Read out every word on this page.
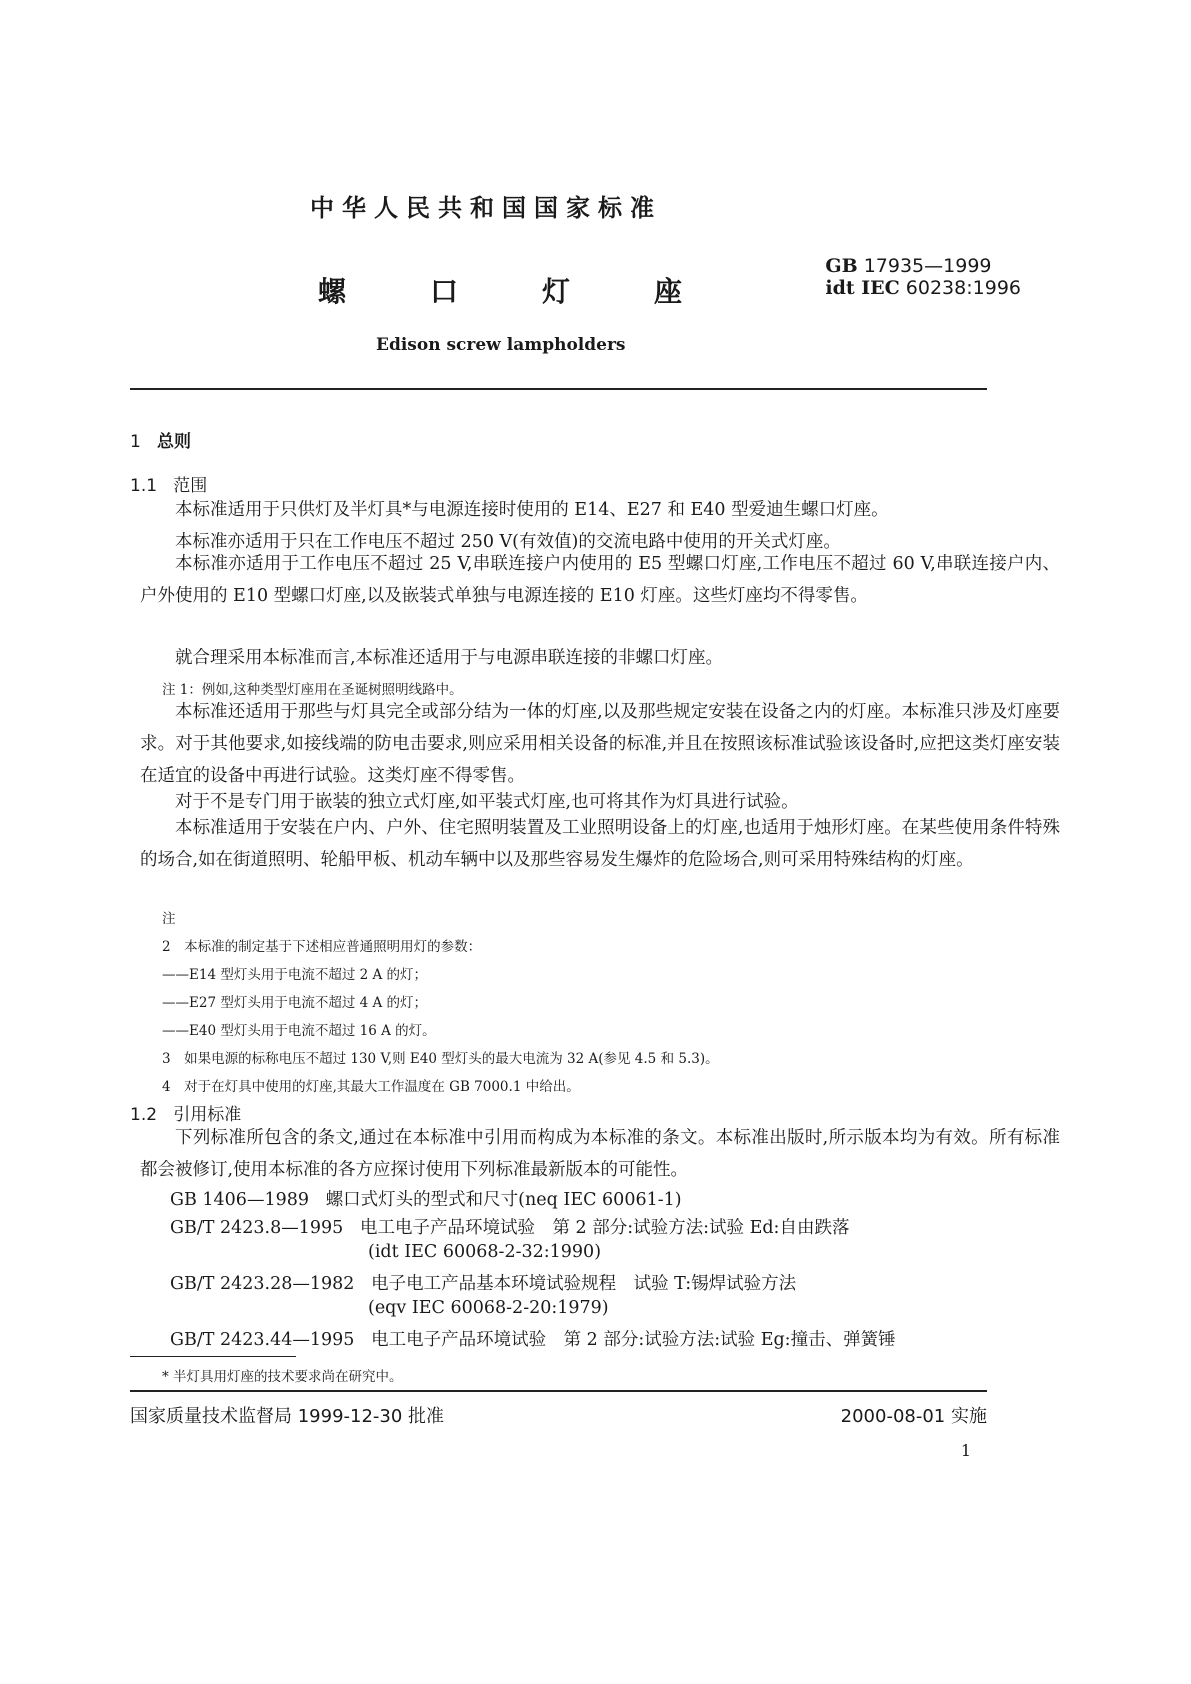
中华人民共和国国家标准
螺口灯座
GB 17935—1999
idt IEC 60238:1996
Edison screw lampholders
1 总则
1.1 范围
本标准适用于只供灯及半灯具*与电源连接时使用的 E14、E27 和 E40 型爱迪生螺口灯座。
本标准亦适用于只在工作电压不超过 250 V(有效值)的交流电路中使用的开关式灯座。
本标准亦适用于工作电压不超过 25 V,串联连接户内使用的 E5 型螺口灯座,工作电压不超过 60 V,串联连接户内、户外使用的 E10 型螺口灯座,以及嵌装式单独与电源连接的 E10 灯座。这些灯座均不得零售。
就合理采用本标准而言,本标准还适用于与电源串联连接的非螺口灯座。
注 1：例如,这种类型灯座用在圣诞树照明线路中。
本标准还适用于那些与灯具完全或部分结为一体的灯座,以及那些规定安装在设备之内的灯座。本标准只涉及灯座要求。对于其他要求,如接线端的防电击要求,则应采用相关设备的标准,并且在按照该标准试验该设备时,应把这类灯座安装在适宜的设备中再进行试验。这类灯座不得零售。
对于不是专门用于嵌装的独立式灯座,如平装式灯座,也可将其作为灯具进行试验。
本标准适用于安装在户内、户外、住宅照明装置及工业照明设备上的灯座,也适用于烛形灯座。在某些使用条件特殊的场合,如在街道照明、轮船甲板、机动车辆中以及那些容易发生爆炸的危险场合,则可采用特殊结构的灯座。
注
2　本标准的制定基于下述相应普通照明用灯的参数：
——E14 型灯头用于电流不超过 2 A 的灯；
——E27 型灯头用于电流不超过 4 A 的灯；
——E40 型灯头用于电流不超过 16 A 的灯。
3　如果电源的标称电压不超过 130 V,则 E40 型灯头的最大电流为 32 A(参见 4.5 和 5.3)。
4　对于在灯具中使用的灯座,其最大工作温度在 GB 7000.1 中给出。
1.2 引用标准
下列标准所包含的条文,通过在本标准中引用而构成为本标准的条文。本标准出版时,所示版本均为有效。所有标准都会被修订,使用本标准的各方应探讨使用下列标准最新版本的可能性。
GB 1406—1989 螺口式灯头的型式和尺寸(neq IEC 60061-1)
GB/T 2423.8—1995 电工电子产品环境试验　第 2 部分:试验方法:试验 Ed:自由跌落
(idt IEC 60068-2-32:1990)
GB/T 2423.28—1982 电子电工产品基本环境试验规程　试验 T:锡焊试验方法
(eqv IEC 60068-2-20:1979)
GB/T 2423.44—1995 电工电子产品环境试验　第 2 部分:试验方法:试验 Eg:撞击、弹簧锤
* 半灯具用灯座的技术要求尚在研究中。
国家质量技术监督局 1999-12-30 批准	2000-08-01 实施
1
